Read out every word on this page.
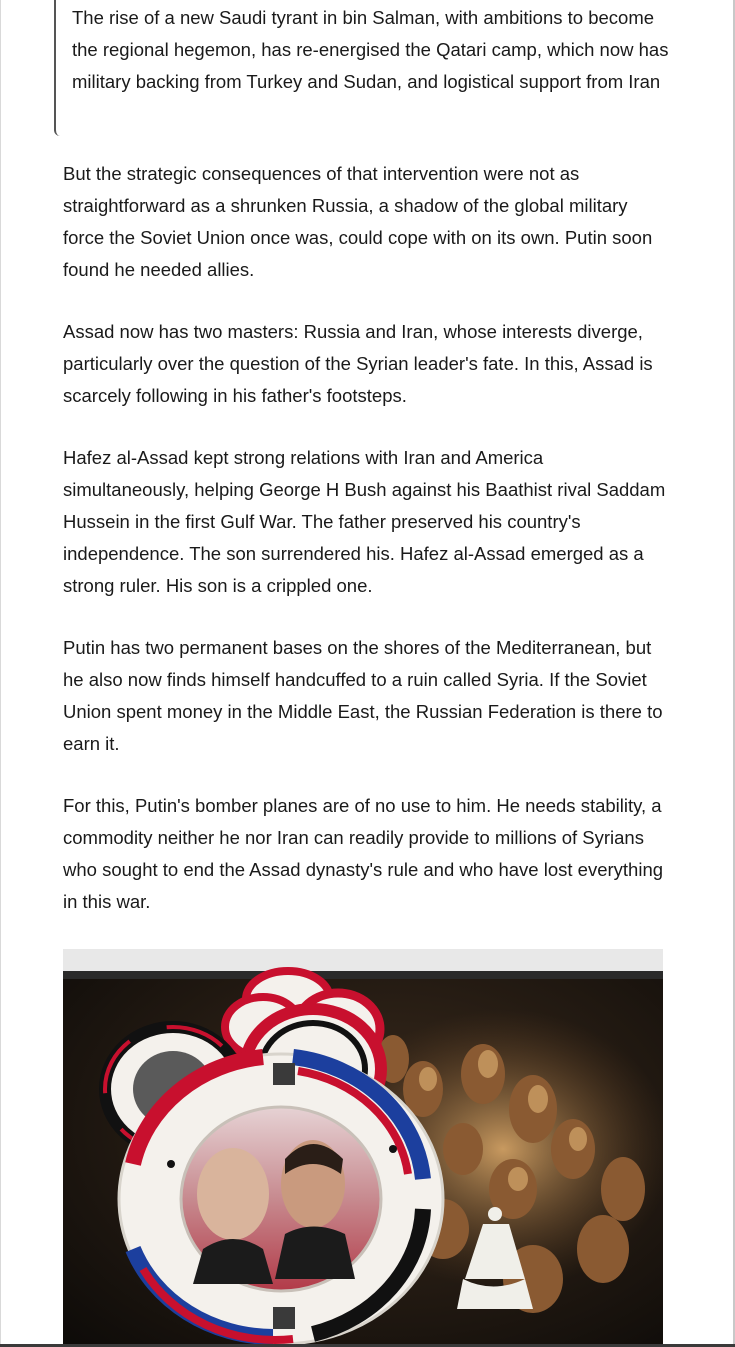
The rise of a new Saudi tyrant in bin Salman, with ambitions to become the regional hegemon, has re-energised the Qatari camp, which now has military backing from Turkey and Sudan, and logistical support from Iran

But the strategic consequences of that intervention were not as straightforward as a shrunken Russia, a shadow of the global military force the Soviet Union once was, could cope with on its own. Putin soon found he needed allies.

Assad now has two masters: Russia and Iran, whose interests diverge, particularly over the question of the Syrian leader's fate. In this, Assad is scarcely following in his father's footsteps.

Hafez al-Assad kept strong relations with Iran and America simultaneously, helping George H Bush against his Baathist rival Saddam Hussein in the first Gulf War. The father preserved his country's independence. The son surrendered his. Hafez al-Assad emerged as a strong ruler. His son is a crippled one.

Putin has two permanent bases on the shores of the Mediterranean, but he also now finds himself handcuffed to a ruin called Syria. If the Soviet Union spent money in the Middle East, the Russian Federation is there to earn it.

For this, Putin's bomber planes are of no use to him. He needs stability, a commodity neither he nor Iran can readily provide to millions of Syrians who sought to end the Assad dynasty's rule and who have lost everything in this war.
